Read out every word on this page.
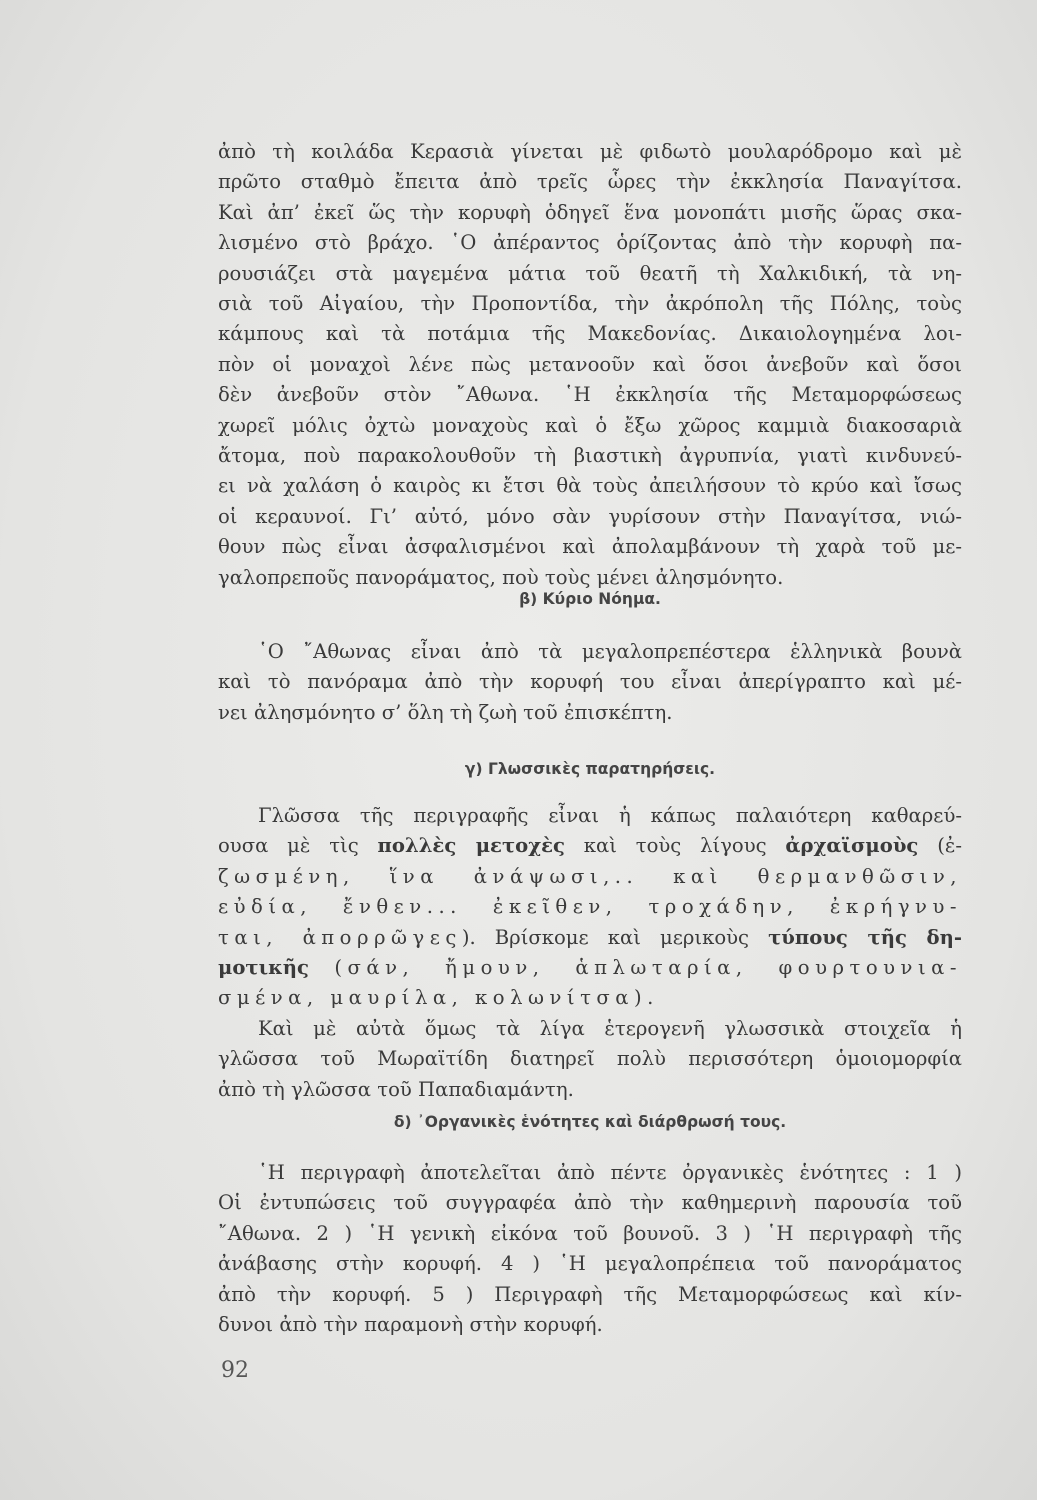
ἀπὸ τὴ κοιλάδα Κερασιὰ γίνεται μὲ φιδωτὸ μουλαρόδρομο καὶ μὲ
πρῶτο σταθμὸ ἔπειτα ἀπὸ τρεῖς ὧρες τὴν ἐκκλησία Παναγίτσα.
Καὶ ἀπ’ ἐκεῖ ὥς τὴν κορυφὴ ὁδηγεῖ ἕνα μονοπάτι μισῆς ὥρας σκα-
λισμένο στὸ βράχο. ῾Ο ἀπέραντος ὁρίζοντας ἀπὸ τὴν κορυφὴ πα-
ρουσιάζει στὰ μαγεμένα μάτια τοῦ θεατῆ τὴ Χαλκιδική, τὰ νη-
σιὰ τοῦ Αἰγαίου, τὴν Προποντίδα, τὴν ἀκρόπολη τῆς Πόλης, τοὺς
κάμπους καὶ τὰ ποτάμια τῆς Μακεδονίας. Δικαιολογημένα λοι-
πὸν οἱ μοναχοὶ λένε πὼς μετανοοῦν καὶ ὅσοι ἀνεβοῦν καὶ ὅσοι
δὲν ἀνεβοῦν στὸν ῎Αθωνα. ῾Η ἐκκλησία τῆς Μεταμορφώσεως
χωρεῖ μόλις ὀχτὼ μοναχοὺς καὶ ὁ ἔξω χῶρος καμμιὰ διακοσαριὰ
ἄτομα, ποὺ παρακολουθοῦν τὴ βιαστικὴ ἀγρυπνία, γιατὶ κινδυνεύ-
ει νὰ χαλάση ὁ καιρὸς κι ἔτσι θὰ τοὺς ἀπειλήσουν τὸ κρύο καὶ ἴσως
οἱ κεραυνοί. Γι’ αὐτό, μόνο σὰν γυρίσουν στὴν Παναγίτσα, νιώ-
θουν πὼς εἶναι ἀσφαλισμένοι καὶ ἀπολαμβάνουν τὴ χαρὰ τοῦ με-
γαλοπρεποῦς πανοράματος, ποὺ τοὺς μένει ἀλησμόνητο.
β) Κύριο Νόημα.
῾Ο ῎Αθωνας εἶναι ἀπὸ τὰ μεγαλοπρεπέστερα ἑλληνικὰ βουνὰ
καὶ τὸ πανόραμα ἀπὸ τὴν κορυφή του εἶναι ἀπερίγραπτο καὶ μέ-
νει ἀλησμόνητο σ’ ὅλη τὴ ζωὴ τοῦ ἐπισκέπτη.
γ) Γλωσσικὲς παρατηρήσεις.
Γλῶσσα τῆς περιγραφῆς εἶναι ἡ κάπως παλαιότερη καθαρεύ-
ουσα μὲ τὶς πολλὲς μετοχὲς καὶ τοὺς λίγους ἀρχαϊσμοὺς (ἐ-
ζωσμένη, ἵνα ἀνάψωσι,.. καὶ θερμανθῶσιν,
εὐδία, ἔνθεν... ἐκεῖθεν, τροχάδην, ἐκρήγνυ-
ται, ἀπορρῶγες). Βρίσκομε καὶ μερικοὺς τύπους τῆς δη-
μοτικῆς (σάν, ἤμουν, ἁπλωταρία, φουρτουνια-
σμένα, μαυρίλα, κολωνίτσα).
Καὶ μὲ αὐτὰ ὅμως τὰ λίγα ἑτερογενῆ γλωσσικὰ στοιχεῖα ἡ
γλῶσσα τοῦ Μωραϊτίδη διατηρεῖ πολὺ περισσότερη ὁμοιομορφία
ἀπὸ τὴ γλῶσσα τοῦ Παπαδιαμάντη.
δ) ᾿Οργανικὲς ἑνότητες καὶ διάρθρωσή τους.
῾Η περιγραφὴ ἀποτελεῖται ἀπὸ πέντε ὀργανικὲς ἑνότητες : 1 )
Οἱ ἐντυπώσεις τοῦ συγγραφέα ἀπὸ τὴν καθημερινὴ παρουσία τοῦ
῎Αθωνα. 2 ) ῾Η γενικὴ εἰκόνα τοῦ βουνοῦ. 3 ) ῾Η περιγραφὴ τῆς
ἀνάβασης στὴν κορυφή. 4 ) ῾Η μεγαλοπρέπεια τοῦ πανοράματος
ἀπὸ τὴν κορυφή. 5 ) Περιγραφὴ τῆς Μεταμορφώσεως καὶ κίν-
δυνοι ἀπὸ τὴν παραμονὴ στὴν κορυφή.
92
